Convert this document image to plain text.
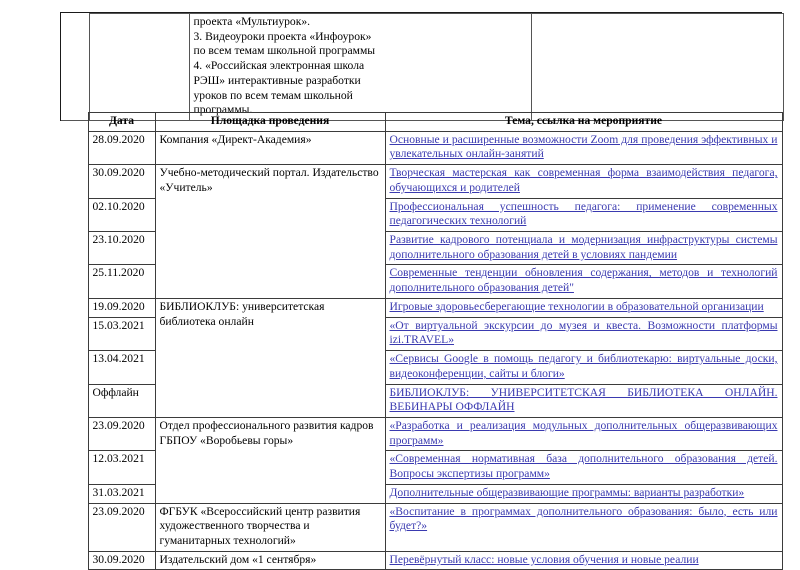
проекта «Мультиурок».
3. Видеоуроки проекта «Инфоурок»
по всем темам школьной программы
4. «Российская электронная школа
РЭШ» интерактивные разработки
уроков по всем темам школьной
программы.

	Дата	Площадка проведения	Тема, ссылка на мероприятие
	28.09.2020	Компания «Директ-Академия»	Основные и расширенные возможности Zoom для проведения эффективных и увлекательных онлайн-занятий

	30.09.2020	Учебно-методический портал. Издательство «Учитель»	Творческая мастерская как современная форма взаимодействия педагога, обучающихся и родителей

	02.10.2020		Профессиональная успешность педагога: применение современных педагогических технологий

	23.10.2020		Развитие кадрового потенциала и модернизация инфраструктуры системы дополнительного образования детей в условиях пандемии

	25.11.2020		Современные тенденции обновления содержания, методов и технологий дополнительного образования детей"

	19.09.2020	БИБЛИОКЛУБ: университетская библиотека онлайн	Игровые здоровьесберегающие технологии в образовательной организации
	15.03.2021		«От виртуальной экскурсии до музея и квеста. Возможности платформы izi.TRAVEL»

	13.04.2021		«Сервисы Google в помощь педагогу и библиотекарю: виртуальные доски, видеоконференции, сайты и блоги»

	Оффлайн		БИБЛИОКЛУБ: УНИВЕРСИТЕТСКАЯ БИБЛИОТЕКА ОНЛАЙН. ВЕБИНАРЫ ОФФЛАЙН
	23.09.2020	Отдел профессионального развития кадров ГБПОУ «Воробьевы горы»	«Разработка и реализация модульных дополнительных общеразвивающих программ»

	12.03.2021		«Современная нормативная база дополнительного образования детей. Вопросы экспертизы программ»

	31.03.2021		Дополнительные общеразвивающие программы: варианты разработки»
	23.09.2020	ФГБУК «Всероссийский центр развития художественного творчества и гуманитарных технологий»	«Воспитание в программах дополнительного образования: было, есть или будет?»

	30.09.2020	Издательский дом «1 сентября»	Перевёрнутый класс: новые условия обучения и новые реалии
